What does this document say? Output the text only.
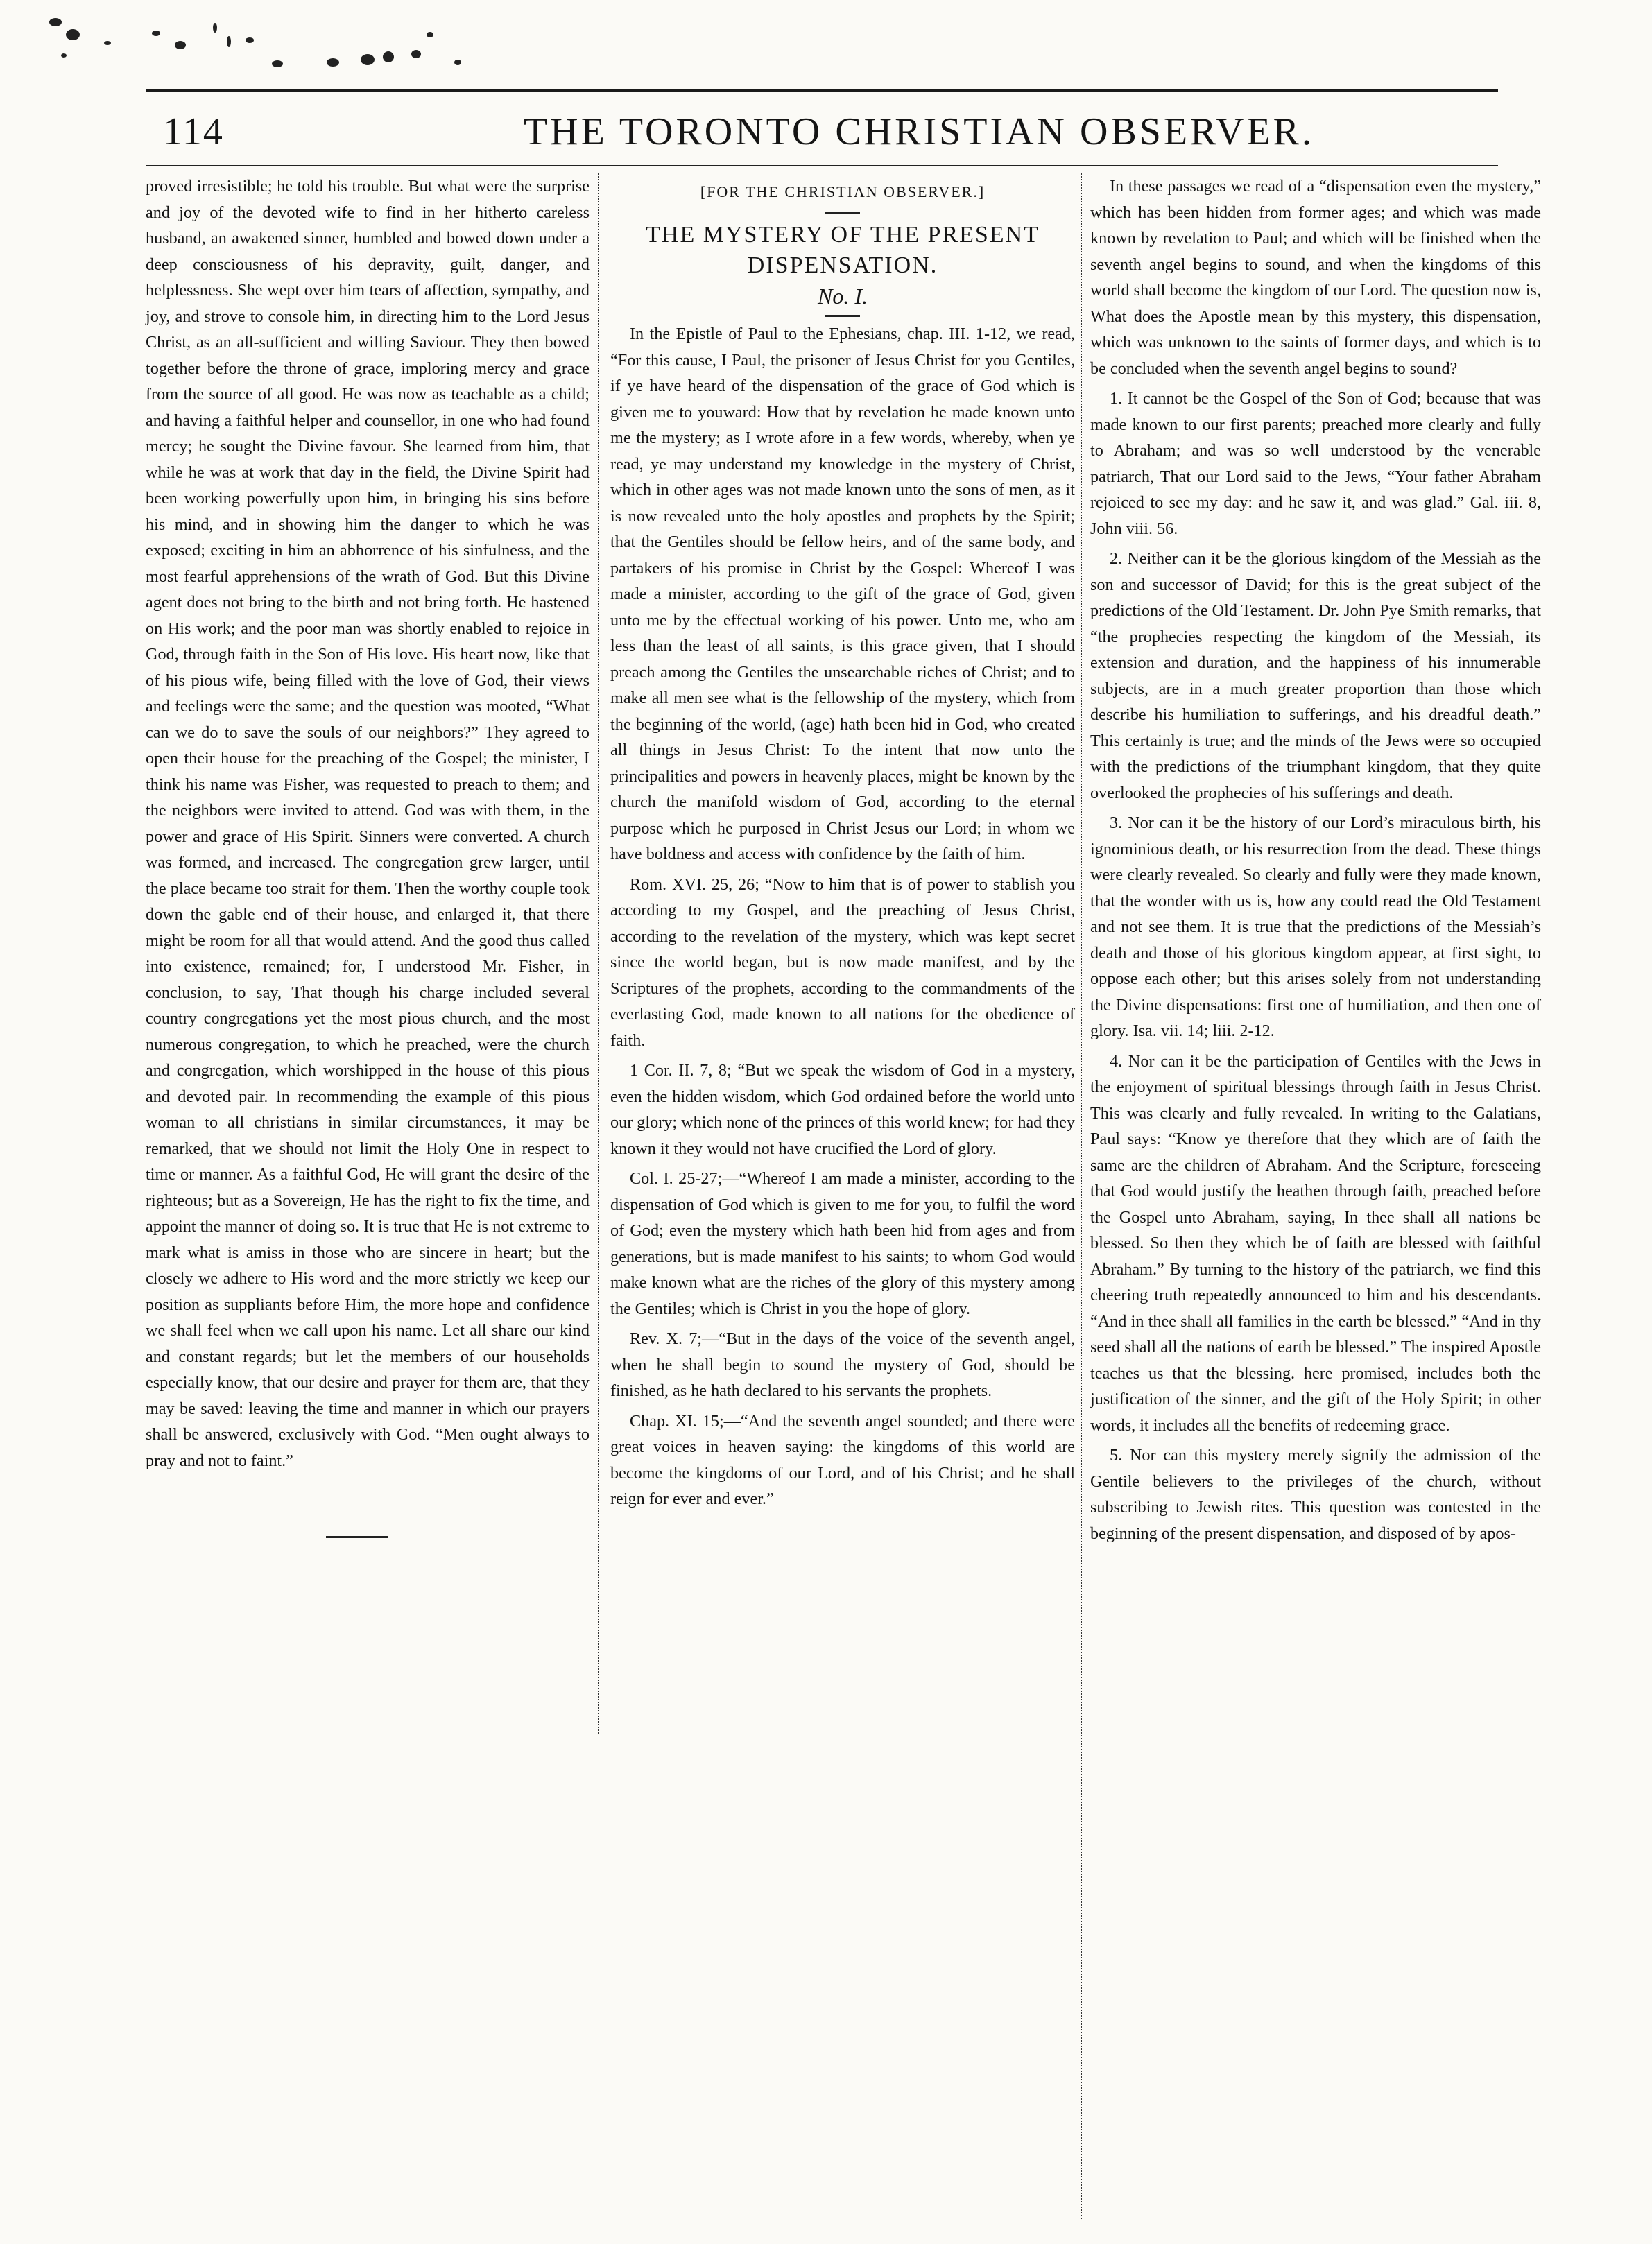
114	THE TORONTO CHRISTIAN OBSERVER.

proved irresistible; he told his trouble. But what were the surprise and joy of the devoted wife to find in her hitherto careless husband, an awakened sinner, humbled and bowed down under a deep consciousness of his depravity, guilt, danger, and helplessness. She wept over him tears of affection, sympathy, and joy, and strove to console him, in directing him to the Lord Jesus Christ, as an all-sufficient and willing Saviour. They then bowed together before the throne of grace, imploring mercy and grace from the source of all good. He was now as teachable as a child; and having a faithful helper and counsellor, in one who had found mercy; he sought the Divine favour. She learned from him, that while he was at work that day in the field, the Divine Spirit had been working powerfully upon him, in bringing his sins before his mind, and in showing him the danger to which he was exposed; exciting in him an abhorrence of his sinfulness, and the most fearful apprehensions of the wrath of God. But this Divine agent does not bring to the birth and not bring forth. He hastened on His work; and the poor man was shortly enabled to rejoice in God, through faith in the Son of His love. His heart now, like that of his pious wife, being filled with the love of God, their views and feelings were the same; and the question was mooted, “What can we do to save the souls of our neighbors?” They agreed to open their house for the preaching of the Gospel; the minister, I think his name was Fisher, was requested to preach to them; and the neighbors were invited to attend. God was with them, in the power and grace of His Spirit. Sinners were converted. A church was formed, and increased. The congregation grew larger, until the place became too strait for them. Then the worthy couple took down the gable end of their house, and enlarged it, that there might be room for all that would attend. And the good thus called into existence, remained; for, I understood Mr. Fisher, in conclusion, to say, That though his charge included several country congregations yet the most pious church, and the most numerous congregation, to which he preached, were the church and congregation, which worshipped in the house of this pious and devoted pair. In recommending the example of this pious woman to all christians in similar circumstances, it may be remarked, that we should not limit the Holy One in respect to time or manner. As a faithful God, He will grant the desire of the righteous; but as a Sovereign, He has the right to fix the time, and appoint the manner of doing so. It is true that He is not extreme to mark what is amiss in those who are sincere in heart; but the closely we adhere to His word and the more strictly we keep our position as suppliants before Him, the more hope and confidence we shall feel when we call upon his name. Let all share our kind and constant regards; but let the members of our households especially know, that our desire and prayer for them are, that they may be saved: leaving the time and manner in which our prayers shall be answered, exclusively with God. “Men ought always to pray and not to faint.”

[FOR THE CHRISTIAN OBSERVER.]
THE MYSTERY OF THE PRESENT DISPENSATION.
No. I.

In the Epistle of Paul to the Ephesians, chap. III. 1-12, we read, “For this cause, I Paul, the prisoner of Jesus Christ for you Gentiles, if ye have heard of the dispensation of the grace of God which is given me to youward: How that by revelation he made known unto me the mystery; as I wrote afore in a few words, whereby, when ye read, ye may understand my knowledge in the mystery of Christ, which in other ages was not made known unto the sons of men, as it is now revealed unto the holy apostles and prophets by the Spirit; that the Gentiles should be fellow heirs, and of the same body, and partakers of his promise in Christ by the Gospel: Whereof I was made a minister, according to the gift of the grace of God, given unto me by the effectual working of his power. Unto me, who am less than the least of all saints, is this grace given, that I should preach among the Gentiles the unsearchable riches of Christ; and to make all men see what is the fellowship of the mystery, which from the beginning of the world, (age) hath been hid in God, who created all things in Jesus Christ: To the intent that now unto the principalities and powers in heavenly places, might be known by the church the manifold wisdom of God, according to the eternal purpose which he purposed in Christ Jesus our Lord; in whom we have boldness and access with confidence by the faith of him.

Rom. XVI. 25, 26; “Now to him that is of power to stablish you according to my Gospel, and the preaching of Jesus Christ, according to the revelation of the mystery, which was kept secret since the world began, but is now made manifest, and by the Scriptures of the prophets, according to the commandments of the everlasting God, made known to all nations for the obedience of faith.

1 Cor. II. 7, 8; “But we speak the wisdom of God in a mystery, even the hidden wisdom, which God ordained before the world unto our glory; which none of the princes of this world knew; for had they known it they would not have crucified the Lord of glory.

Col. I. 25-27;—“Whereof I am made a minister, according to the dispensation of God which is given to me for you, to fulfil the word of God; even the mystery which hath been hid from ages and from generations, but is made manifest to his saints; to whom God would make known what are the riches of the glory of this mystery among the Gentiles; which is Christ in you the hope of glory.

Rev. X. 7;—“But in the days of the voice of the seventh angel, when he shall begin to sound the mystery of God, should be finished, as he hath declared to his servants the prophets.

Chap. XI. 15;—“And the seventh angel sounded; and there were great voices in heaven saying: the kingdoms of this world are become the kingdoms of our Lord, and of his Christ; and he shall reign for ever and ever.”

In these passages we read of a “dispensation even the mystery,” which has been hidden from former ages; and which was made known by revelation to Paul; and which will be finished when the seventh angel begins to sound, and when the kingdoms of this world shall become the kingdom of our Lord. The question now is, What does the Apostle mean by this mystery, this dispensation, which was unknown to the saints of former days, and which is to be concluded when the seventh angel begins to sound?

1. It cannot be the Gospel of the Son of God; because that was made known to our first parents; preached more clearly and fully to Abraham; and was so well understood by the venerable patriarch, That our Lord said to the Jews, “Your father Abraham rejoiced to see my day: and he saw it, and was glad.” Gal. iii. 8, John viii. 56.

2. Neither can it be the glorious kingdom of the Messiah as the son and successor of David; for this is the great subject of the predictions of the Old Testament. Dr. John Pye Smith remarks, that “the prophecies respecting the kingdom of the Messiah, its extension and duration, and the happiness of his innumerable subjects, are in a much greater proportion than those which describe his humiliation to sufferings, and his dreadful death.” This certainly is true; and the minds of the Jews were so occupied with the predictions of the triumphant kingdom, that they quite overlooked the prophecies of his sufferings and death.

3. Nor can it be the history of our Lord’s miraculous birth, his ignominious death, or his resurrection from the dead. These things were clearly revealed. So clearly and fully were they made known, that the wonder with us is, how any could read the Old Testament and not see them. It is true that the predictions of the Messiah’s death and those of his glorious kingdom appear, at first sight, to oppose each other; but this arises solely from not understanding the Divine dispensations: first one of humiliation, and then one of glory. Isa. vii. 14; liii. 2-12.

4. Nor can it be the participation of Gentiles with the Jews in the enjoyment of spiritual blessings through faith in Jesus Christ. This was clearly and fully revealed. In writing to the Galatians, Paul says: “Know ye therefore that they which are of faith the same are the children of Abraham. And the Scripture, foreseeing that God would justify the heathen through faith, preached before the Gospel unto Abraham, saying, In thee shall all nations be blessed. So then they which be of faith are blessed with faithful Abraham.” By turning to the history of the patriarch, we find this cheering truth repeatedly announced to him and his descendants. “And in thee shall all families in the earth be blessed.” “And in thy seed shall all the nations of earth be blessed.” The inspired Apostle teaches us that the blessing. here promised, includes both the justification of the sinner, and the gift of the Holy Spirit; in other words, it includes all the benefits of redeeming grace.

5. Nor can this mystery merely signify the admission of the Gentile believers to the privileges of the church, without subscribing to Jewish rites. This question was contested in the beginning of the present dispensation, and disposed of by apos-
